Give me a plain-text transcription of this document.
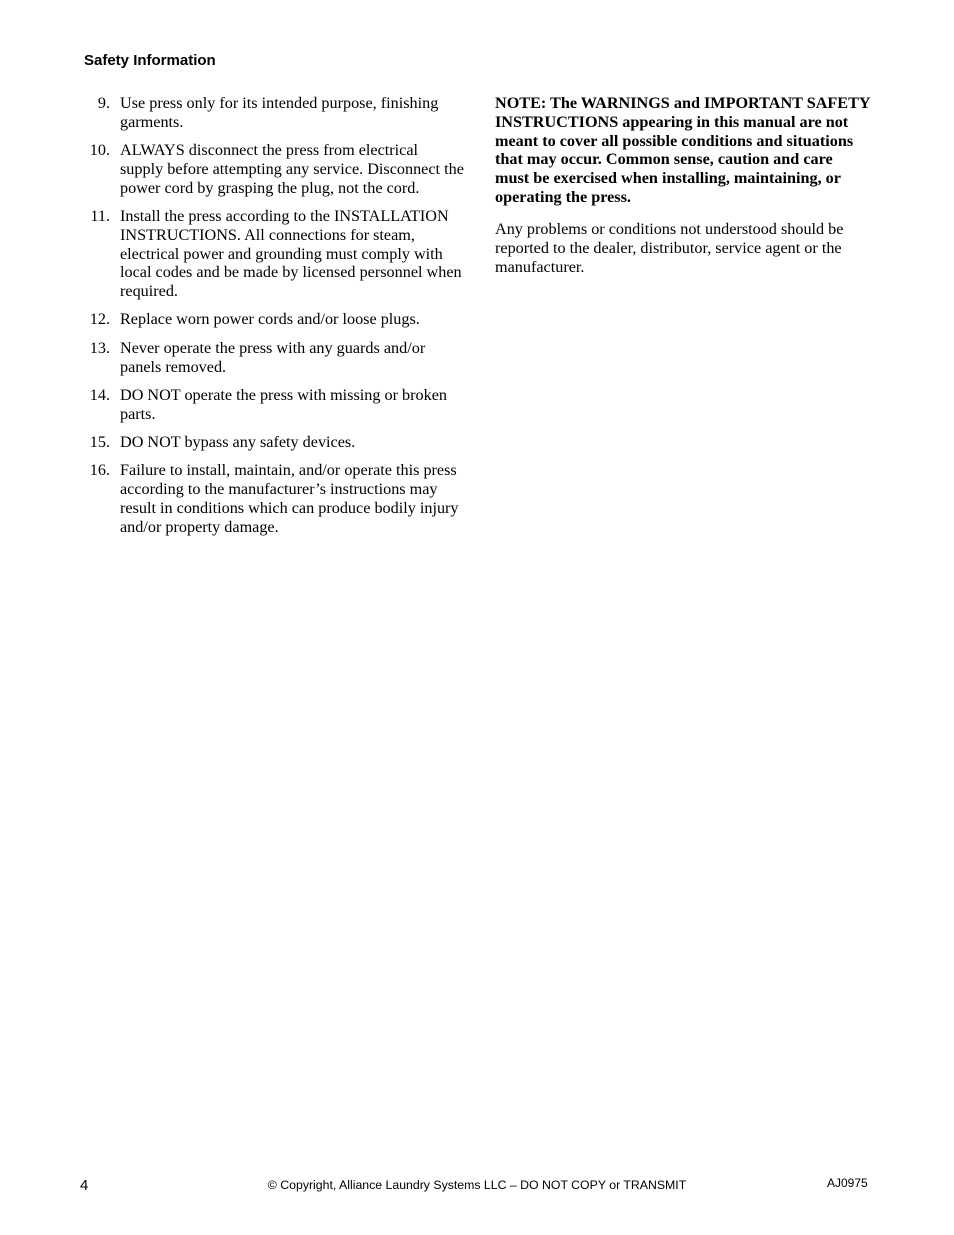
Safety Information
9. Use press only for its intended purpose, finishing garments.
10. ALWAYS disconnect the press from electrical supply before attempting any service. Disconnect the power cord by grasping the plug, not the cord.
11. Install the press according to the INSTALLATION INSTRUCTIONS. All connections for steam, electrical power and grounding must comply with local codes and be made by licensed personnel when required.
12. Replace worn power cords and/or loose plugs.
13. Never operate the press with any guards and/or panels removed.
14. DO NOT operate the press with missing or broken parts.
15. DO NOT bypass any safety devices.
16. Failure to install, maintain, and/or operate this press according to the manufacturer’s instructions may result in conditions which can produce bodily injury and/or property damage.

NOTE: The WARNINGS and IMPORTANT SAFETY INSTRUCTIONS appearing in this manual are not meant to cover all possible conditions and situations that may occur. Common sense, caution and care must be exercised when installing, maintaining, or operating the press.

Any problems or conditions not understood should be reported to the dealer, distributor, service agent or the manufacturer.

4	© Copyright, Alliance Laundry Systems LLC – DO NOT COPY or TRANSMIT	AJ0975
